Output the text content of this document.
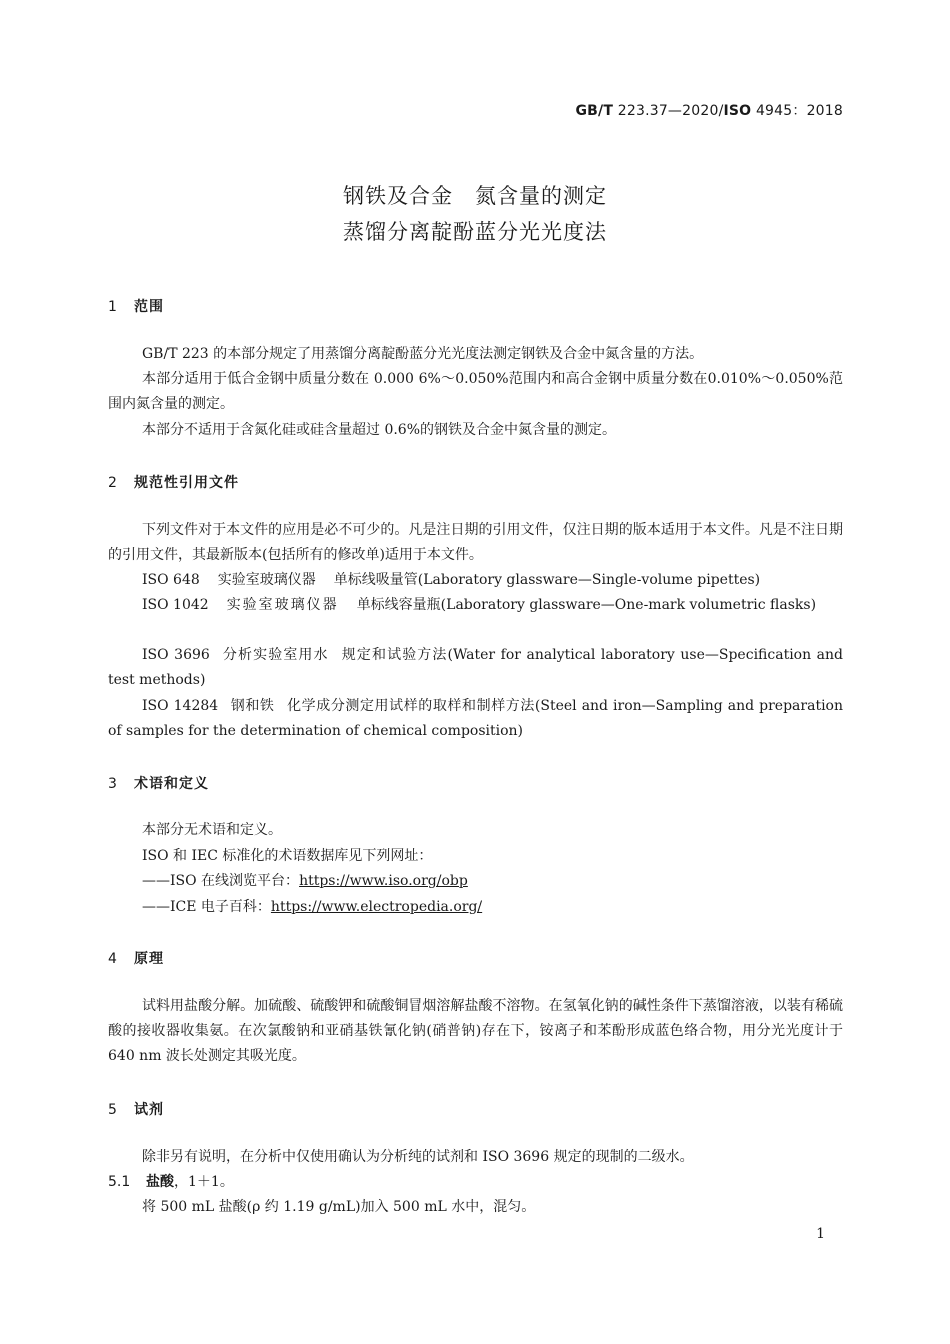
GB/T 223.37—2020/ISO 4945：2018
钢铁及合金　氮含量的测定
蒸馏分离靛酚蓝分光光度法
1 范围
GB/T 223 的本部分规定了用蒸馏分离靛酚蓝分光光度法测定钢铁及合金中氮含量的方法。
本部分适用于低合金钢中质量分数在 0.000 6%～0.050%范围内和高合金钢中质量分数在0.010%～0.050%范围内氮含量的测定。
本部分不适用于含氮化硅或硅含量超过 0.6%的钢铁及合金中氮含量的测定。
2 规范性引用文件
下列文件对于本文件的应用是必不可少的。凡是注日期的引用文件，仅注日期的版本适用于本文件。凡是不注日期的引用文件，其最新版本(包括所有的修改单)适用于本文件。
ISO 648 实验室玻璃仪器 单标线吸量管(Laboratory glassware—Single-volume pipettes)
ISO 1042 实验室玻璃仪器 单标线容量瓶(Laboratory glassware—One-mark volumetric flasks)
ISO 3696 分析实验室用水 规定和试验方法(Water for analytical laboratory use—Specification and test methods)
ISO 14284 钢和铁 化学成分测定用试样的取样和制样方法(Steel and iron—Sampling and preparation of samples for the determination of chemical composition)
3 术语和定义
本部分无术语和定义。
ISO 和 IEC 标准化的术语数据库见下列网址：
——ISO 在线浏览平台：https://www.iso.org/obp
——ICE 电子百科：https://www.electropedia.org/
4 原理
试料用盐酸分解。加硫酸、硫酸钾和硫酸铜冒烟溶解盐酸不溶物。在氢氧化钠的碱性条件下蒸馏溶液，以装有稀硫酸的接收器收集氨。在次氯酸钠和亚硝基铁氰化钠(硝普钠)存在下，铵离子和苯酚形成蓝色络合物，用分光光度计于 640 nm 波长处测定其吸光度。
5 试剂
除非另有说明，在分析中仅使用确认为分析纯的试剂和 ISO 3696 规定的现制的二级水。
5.1 盐酸，1＋1。
将 500 mL 盐酸(ρ 约 1.19 g/mL)加入 500 mL 水中，混匀。
1
